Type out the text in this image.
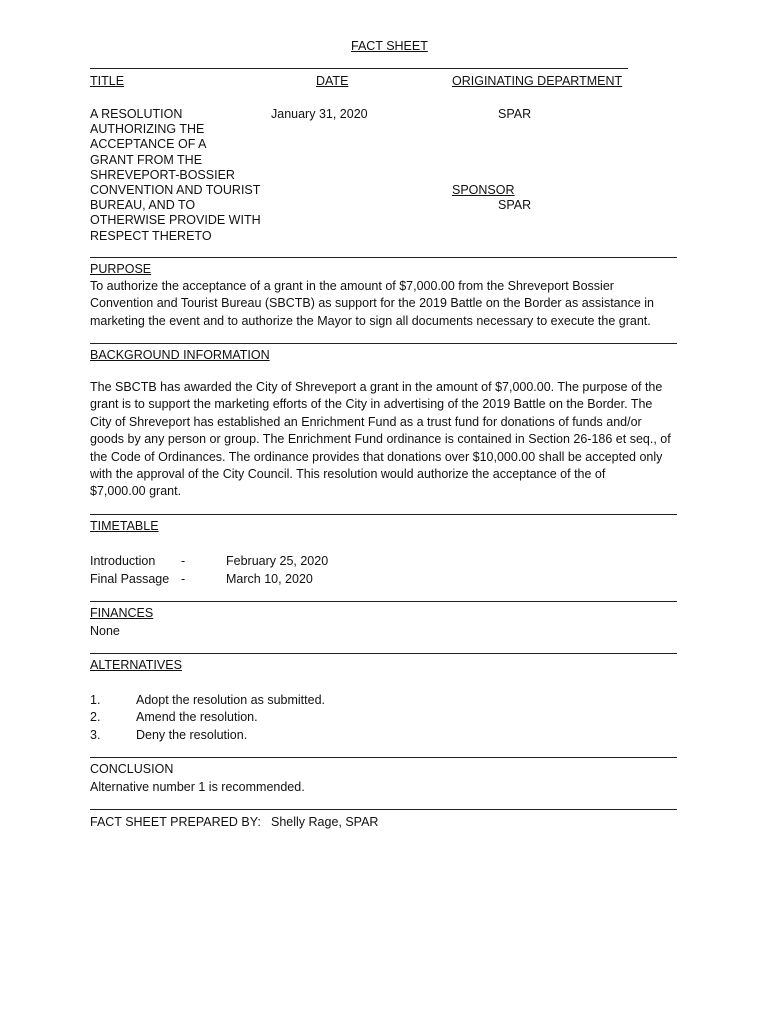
FACT SHEET
TITLE	DATE	ORIGINATING DEPARTMENT
A RESOLUTION
AUTHORIZING THE
ACCEPTANCE OF A
GRANT FROM THE
SHREVEPORT-BOSSIER
CONVENTION AND TOURIST
BUREAU, AND TO
OTHERWISE PROVIDE WITH
RESPECT THERETO
January 31, 2020	SPAR
SPONSOR
SPAR
PURPOSE
To authorize the acceptance of a grant in the amount of $7,000.00 from the Shreveport Bossier
Convention and Tourist Bureau (SBCTB) as support for the 2019 Battle on the Border as assistance in
marketing the event and to authorize the Mayor to sign all documents necessary to execute the grant.
BACKGROUND INFORMATION
The SBCTB has awarded the City of Shreveport a grant in the amount of $7,000.00. The purpose of the
grant is to support the marketing efforts of the City in advertising of the 2019 Battle on the Border. The
City of Shreveport has established an Enrichment Fund as a trust fund for donations of funds and/or
goods by any person or group. The Enrichment Fund ordinance is contained in Section 26-186 et seq., of
the Code of Ordinances. The ordinance provides that donations over $10,000.00 shall be accepted only
with the approval of the City Council. This resolution would authorize the acceptance of the of
$7,000.00 grant.
TIMETABLE
Introduction -	February 25, 2020
Final Passage -	March 10, 2020
FINANCES
None
ALTERNATIVES
1.	Adopt the resolution as submitted.
2.	Amend the resolution.
3.	Deny the resolution.
CONCLUSION
Alternative number 1 is recommended.
FACT SHEET PREPARED BY: Shelly Rage, SPAR
